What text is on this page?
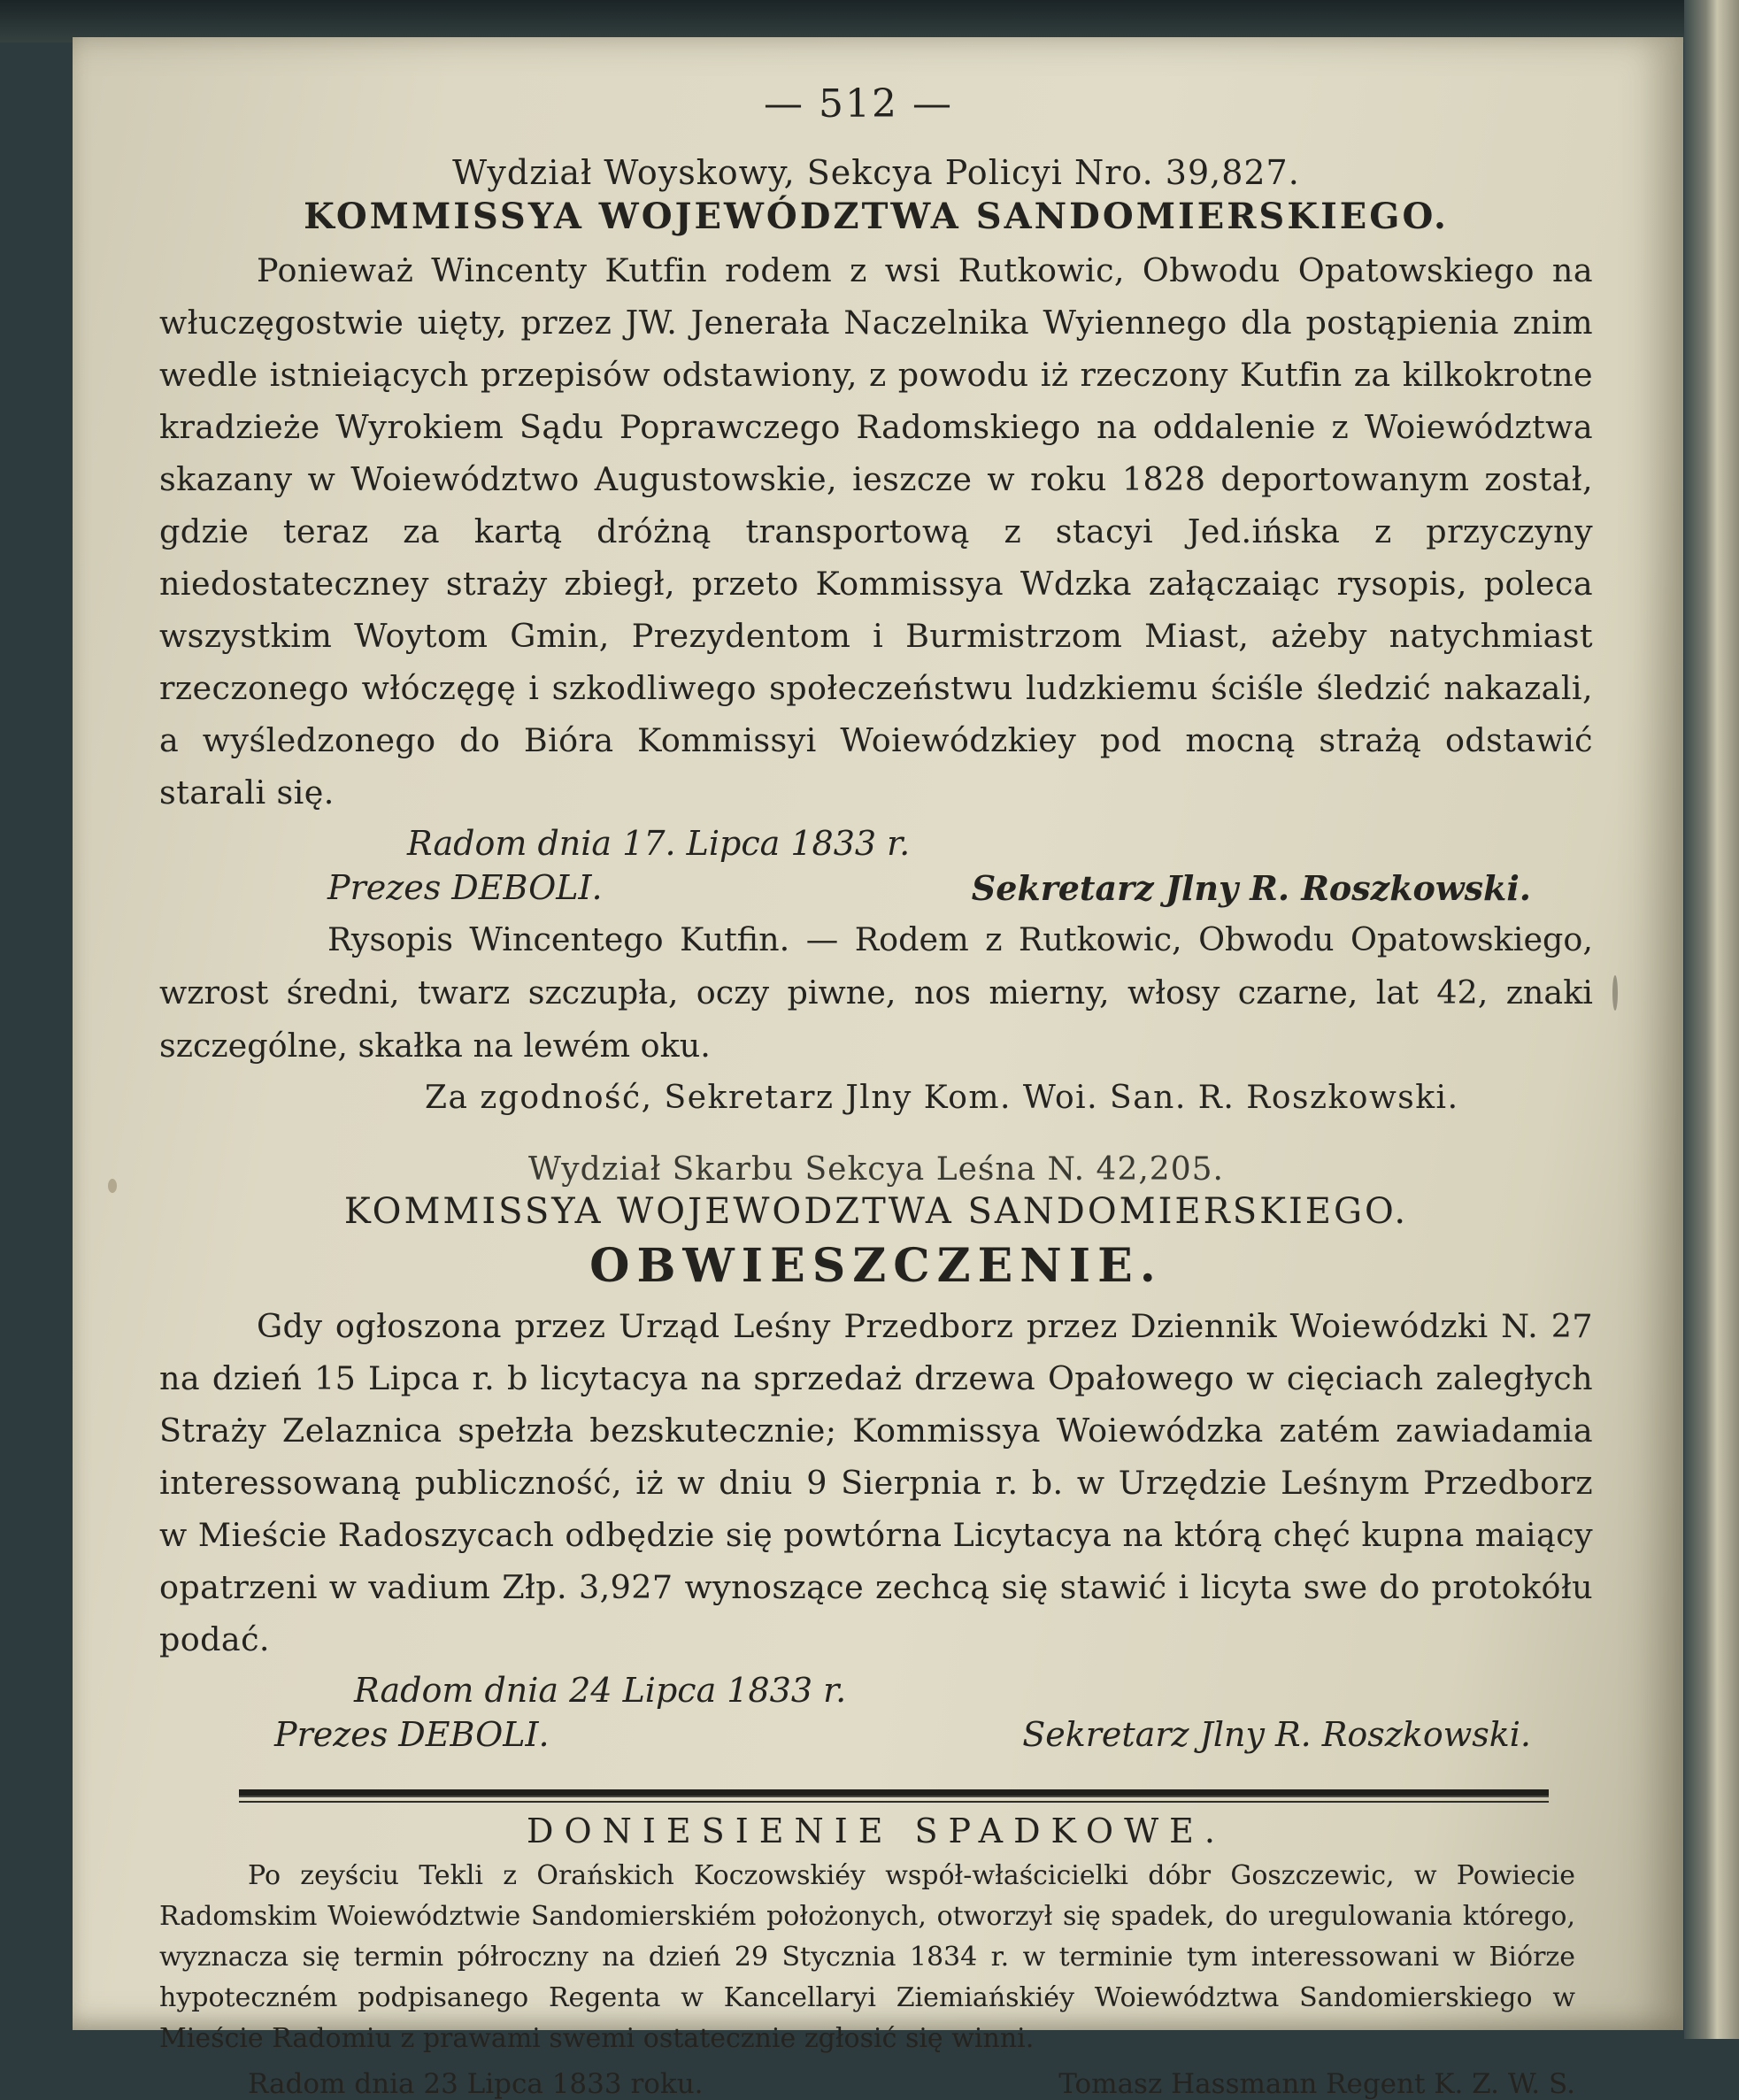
— 512 —
Wydział Woyskowy, Sekcya Policyi Nro. 39,827.
KOMMISSYA WOJEWÓDZTWA SANDOMIERSKIEGO.

Ponieważ Wincenty Kutfin rodem z wsi Rutkowic, Obwodu Opatowskiego na włuczęgostwie uięty, przez JW. Jenerała Naczelnika Wyiennego dla postąpienia znim wedle istnieiących przepisów odstawiony, z powodu iż rzeczony Kutfin za kilkokrotne kradzieże Wyrokiem Sądu Poprawczego Radomskiego na oddalenie z Woiewództwa skazany w Woiewództwo Augustowskie, ieszcze w roku 1828 deportowanym został, gdzie teraz za kartą dróżną transportową z stacyi Jed.ińska z przyczyny niedostateczney straży zbiegł, przeto Kommissya Wdzka załączaiąc rysopis, poleca wszystkim Woytom Gmin, Prezydentom i Burmistrzom Miast, ażeby natychmiast rzeczonego włóczęgę i szkodliwego społeczeństwu ludzkiemu ściśle śledzić nakazali, a wyśledzonego do Bióra Kommissyi Woiewódzkiey pod mocną strażą odstawić starali się.

Radom dnia 17. Lipca 1833 r.
Prezes DEBOLI.	Sekretarz Jlny R. Roszkowski.

Rysopis Wincentego Kutfin. — Rodem z Rutkowic, Obwodu Opatowskiego, wzrost średni, twarz szczupła, oczy piwne, nos mierny, włosy czarne, lat 42, znaki szczególne, skałka na lewém oku.

Za zgodność, Sekretarz Jlny Kom. Woi. San. R. Roszkowski.
Wydział Skarbu Sekcya Leśna N. 42,205.
KOMMISSYA WOJEWODZTWA SANDOMIERSKIEGO.
OBWIESZCZENIE.

Gdy ogłoszona przez Urząd Leśny Przedborz przez Dziennik Woiewódzki N. 27 na dzień 15 Lipca r. b licytacya na sprzedaż drzewa Opałowego w cięciach zaległych Straży Zelaznica spełzła bezskutecznie; Kommissya Woiewódzka zatém zawiadamia interessowaną publiczność, iż w dniu 9 Sierpnia r. b. w Urzędzie Leśnym Przedborz w Mieście Radoszycach odbędzie się powtórna Licytacya na którą chęć kupna maiący opatrzeni w vadium Złp. 3,927 wynoszące zechcą się stawić i licyta swe do protokółu podać.

Radom dnia 24 Lipca 1833 r.
Prezes DEBOLI.	Sekretarz Jlny R. Roszkowski.
DONIESIENIE SPADKOWE.

Po zeyściu Tekli z Orańskich Koczowskiéy współ-właścicielki dóbr Goszczewic, w Powiecie Radomskim Woiewództwie Sandomierskiém położonych, otworzył się spadek, do uregulowania którego, wyznacza się termin półroczny na dzień 29 Stycznia 1834 r. w terminie tym interessowani w Biórze hypoteczném podpisanego Regenta w Kancellaryi Ziemiańskiéy Woiewództwa Sandomierskiego w Mieście Radomiu z prawami swemi ostatecznie zgłosić się winni.

Radom dnia 23 Lipca 1833 roku.	Tomasz Hassmann Regent K. Z. W. S.
